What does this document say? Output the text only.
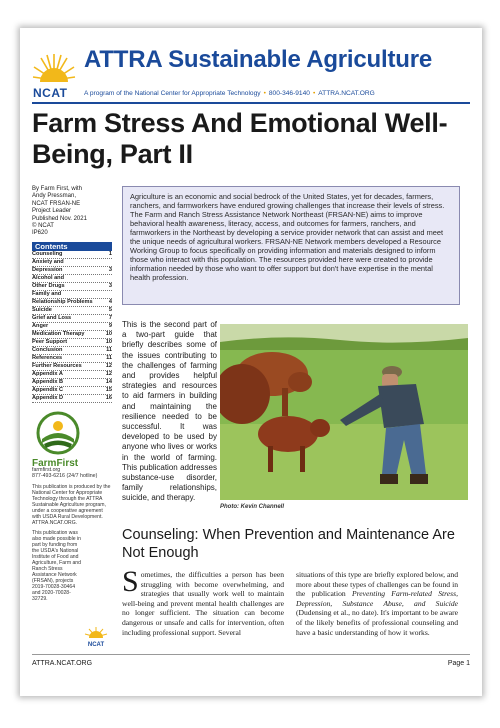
ATTRA Sustainable Agriculture
NCAT	A program of the National Center for Appropriate Technology • 800-346-9140 • ATTRA.NCAT.ORG
Farm Stress And Emotional Well-Being, Part II
By Farm First, with
Andy Pressman,
NCAT FRSAN-NE
Project Leader
Published Nov. 2021
© NCAT
IP620
Contents
Counseling	1
Anxiety and
Depression	3
Alcohol and
Other Drugs	3
Family and
Relationship Problems	4
Suicide	5
Grief and Loss	7
Anger	9
Medication Therapy	10
Peer Support	10
Conclusion	11
References	11
Further Resources	12
Appendix A	12
Appendix B	14
Appendix C	15
Appendix D	16
FarmFirst
farmfirst.org
877-493-6216 (24/7 hotline)
This publication is produced by the National Center for Appropriate Technology through the ATTRA Sustainable Agriculture program, under a cooperative agreement with USDA Rural Development. ATTRA.NCAT.ORG.
This publication was also made possible in part by funding from the USDA's National Institute of Food and Agriculture, Farm and Ranch Stress Assistance Network (FRSAN), projects 2019-70028-30464 and 2020-70028-32729.
NCAT
Agriculture is an economic and social bedrock of the United States, yet for decades, farmers, ranchers, and farmworkers have endured growing challenges that increase their levels of stress. The Farm and Ranch Stress Assistance Network Northeast (FRSAN-NE) aims to improve behavioral health awareness, literacy, access, and outcomes for farmers, ranchers, and farmworkers in the Northeast by developing a service provider network that can assist and meet the unique needs of agricultural workers. FRSAN-NE Network members developed a Resource Working Group to focus specifically on providing information and materials designed to inform those who interact with this population. The resources provided here were created to provide information needed by those who want to offer support but don't have expertise in the mental health profession.
This is the second part of a two-part guide that briefly describes some of the issues contributing to the challenges of farming and provides helpful strategies and resources to aid farmers in building and maintaining the resilience needed to be successful. It was developed to be used by anyone who lives or works in the world of farming. This publication addresses substance-use disorder, family relationships, suicide, and therapy.
Photo: Kevin Channell
Counseling: When Prevention and Maintenance Are Not Enough
Sometimes, the difficulties a person has been struggling with become overwhelming, and strategies that usually work well to maintain well-being and prevent mental health challenges are no longer sufficient. The situation can become dangerous or unsafe and calls for intervention, often including professional support. Several
situations of this type are briefly explored below, and more about these types of challenges can be found in the publication Preventing Farm-related Stress, Depression, Substance Abuse, and Suicide (Dudensing et al., no date). It's important to be aware of the likely benefits of professional counseling and have a basic understanding of how it works.
ATTRA.NCAT.ORG	Page 1
